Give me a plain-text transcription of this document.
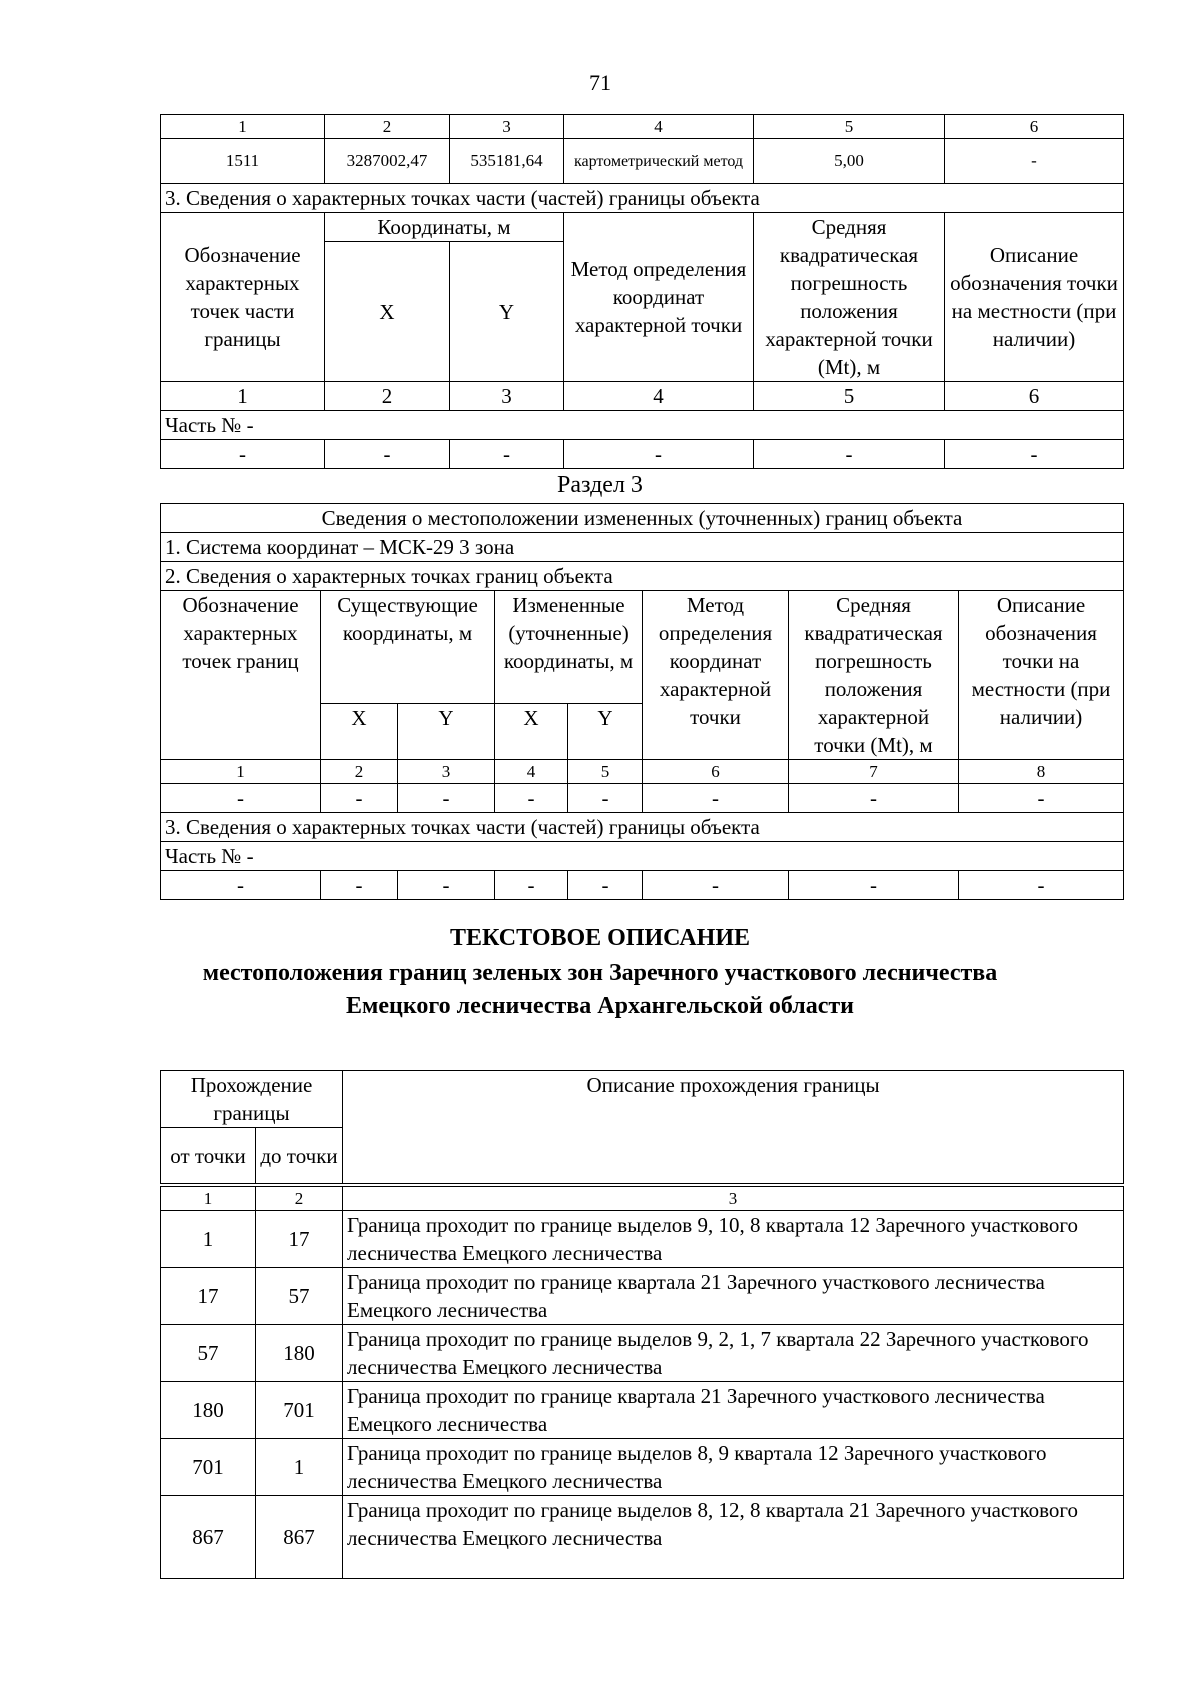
71
1	2	3	4	5	6
1511	3287002,47	535181,64	картометрический метод	5,00	-
3. Сведения о характерных точках части (частей) границы объекта					
Обозначение характерных точек части границы	Координаты, м		Метод определения координат характерной точки	Средняя квадратическая погрешность положения характерной точки (Mt), м	Описание обозначения точки на местности (при наличии)
	X	Y			
1	2	3	4	5	6
Часть № -					
-	-	-	-	-	-
Раздел 3
Сведения о местоположении измененных (уточненных) границ объекта							
1. Система координат – МСК-29 3 зона							
2. Сведения о характерных точках границ объекта							
Обозначение характерных точек границ	Существующие координаты, м		Измененные (уточненные) координаты, м		Метод определения координат характерной точки	Средняя квадратическая погрешность положения характерной точки (Mt), м	Описание обозначения точки на местности (при наличии)
	X	Y	X	Y			
1	2	3	4	5	6	7	8
-	-	-	-	-	-	-	-
3. Сведения о характерных точках части (частей) границы объекта							
Часть № -							
-	-	-	-	-	-	-	-
ТЕКСТОВОЕ ОПИСАНИЕ
местоположения границ зеленых зон Заречного участкового лесничества
Емецкого лесничества Архангельской области
Прохождение границы		Описание прохождения границы
от точки	до точки	
1	2	3
1	17	Граница проходит по границе выделов 9, 10, 8 квартала 12 Заречного участкового лесничества Емецкого лесничества
17	57	Граница проходит по границе квартала 21 Заречного участкового лесничества Емецкого лесничества
57	180	Граница проходит по границе выделов 9, 2, 1, 7 квартала 22 Заречного участкового лесничества Емецкого лесничества
180	701	Граница проходит по границе квартала 21 Заречного участкового лесничества Емецкого лесничества
701	1	Граница проходит по границе выделов 8, 9 квартала 12 Заречного участкового лесничества Емецкого лесничества
867	867	Граница проходит по границе выделов 8, 12, 8 квартала 21 Заречного участкового лесничества Емецкого лесничества
